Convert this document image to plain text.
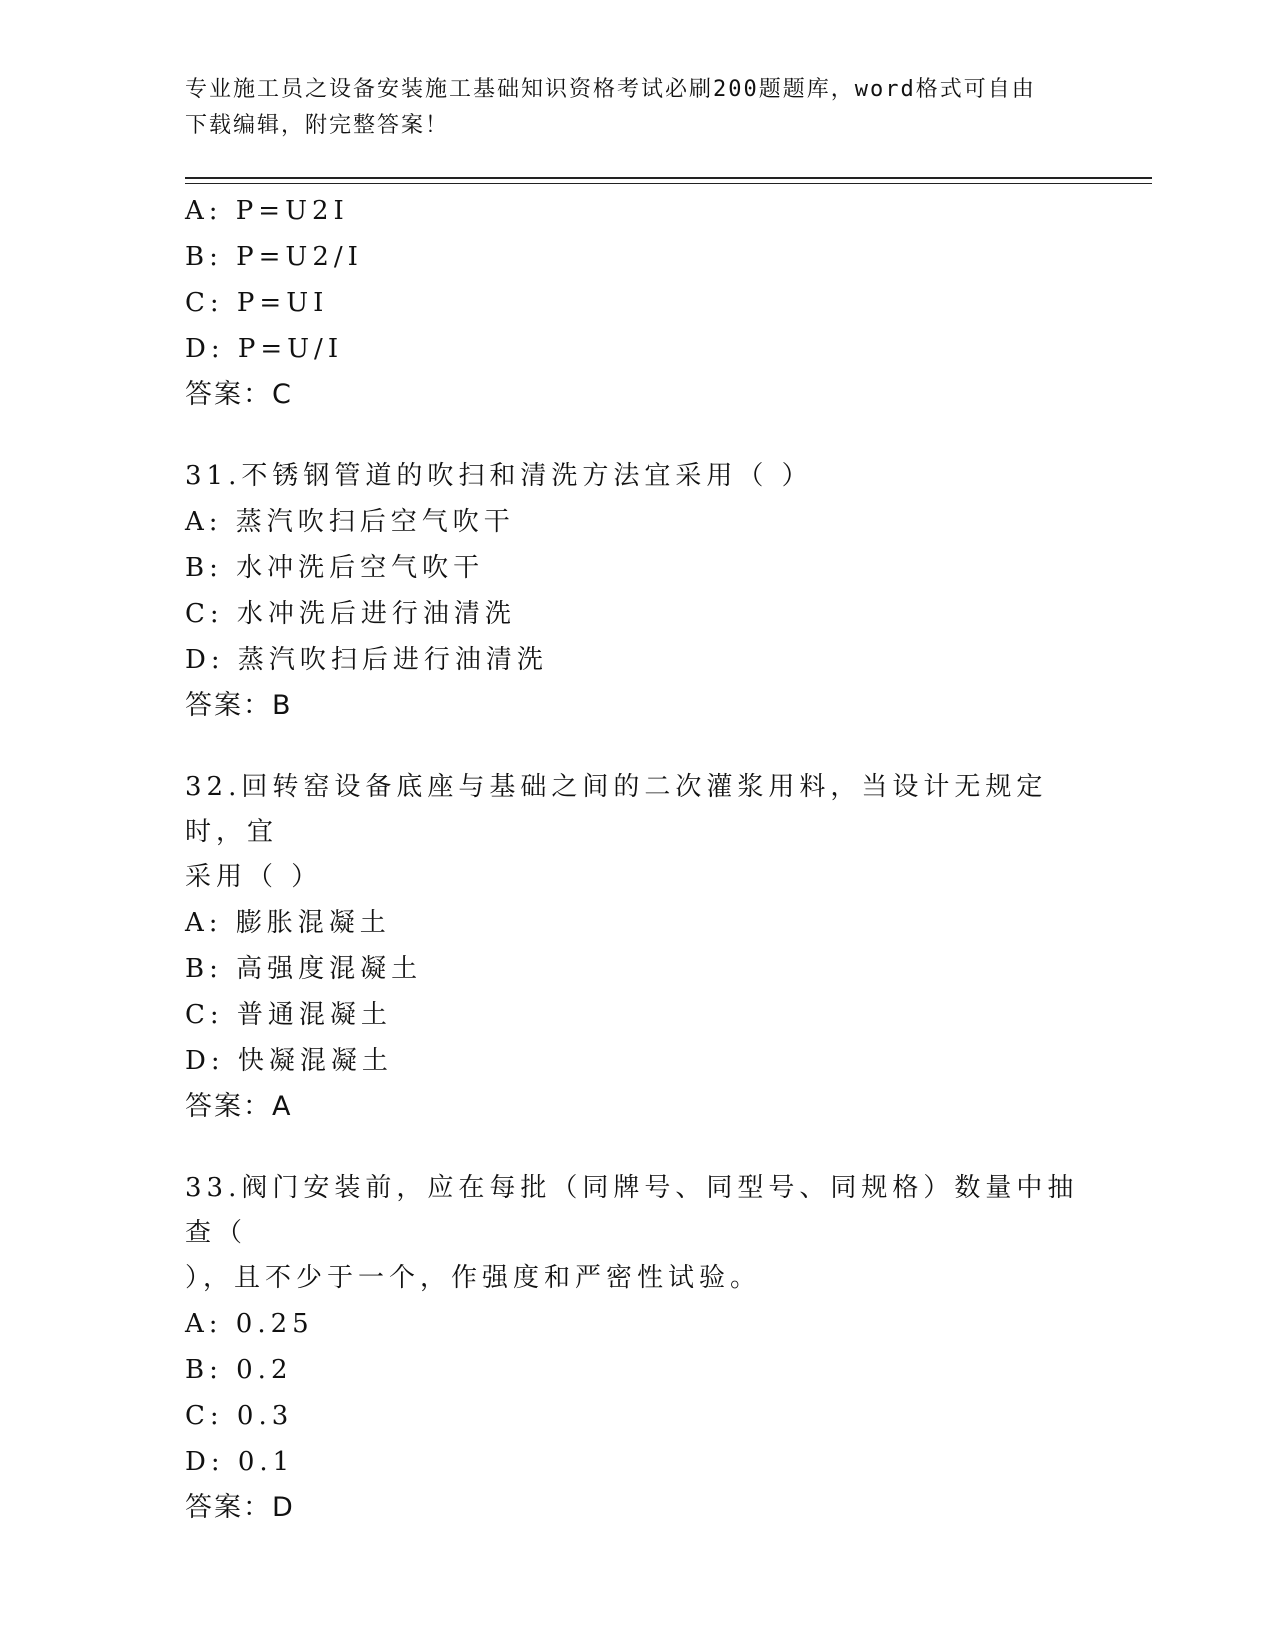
专业施工员之设备安装施工基础知识资格考试必刷200题题库，word格式可自由
下载编辑，附完整答案！
A: P=U2I
B: P=U2/I
C: P=UI
D: P=U/I
答案：C
31.不锈钢管道的吹扫和清洗方法宜采用（ ）
A: 蒸汽吹扫后空气吹干
B: 水冲洗后空气吹干
C: 水冲洗后进行油清洗
D: 蒸汽吹扫后进行油清洗
答案：B
32.回转窑设备底座与基础之间的二次灌浆用料，当设计无规定时，宜
采用（ ）
A: 膨胀混凝土
B: 高强度混凝土
C: 普通混凝土
D: 快凝混凝土
答案：A
33.阀门安装前，应在每批（同牌号、同型号、同规格）数量中抽查（
），且不少于一个，作强度和严密性试验。
A: 0.25
B: 0.2
C: 0.3
D: 0.1
答案：D
